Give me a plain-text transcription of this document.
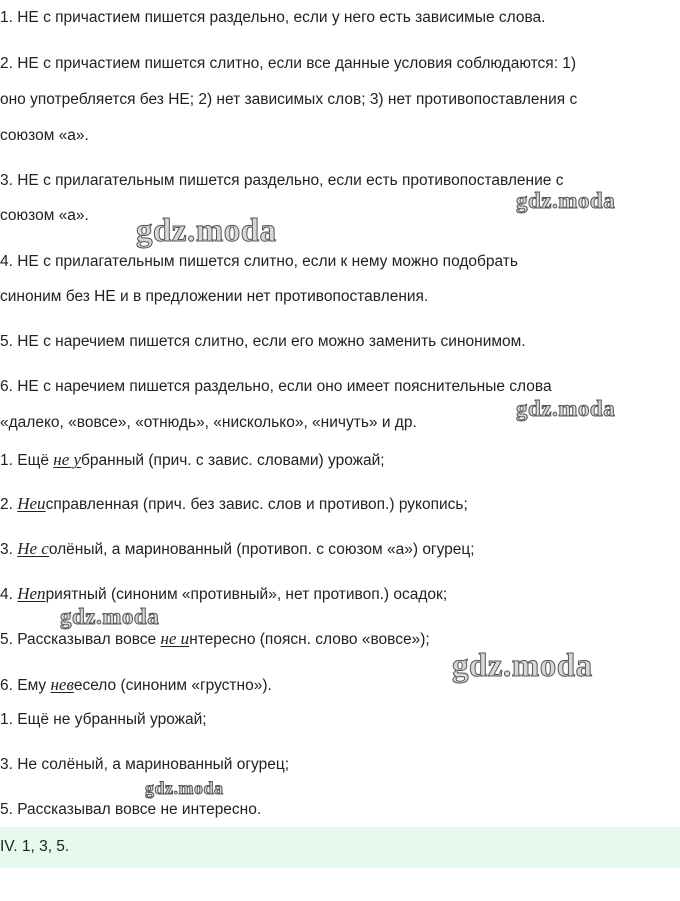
1. НЕ с причастием пишется раздельно, если у него есть зависимые слова.

2. НЕ с причастием пишется слитно, если все данные условия соблюдаются: 1)

оно употребляется без НЕ; 2) нет зависимых слов; 3) нет противопоставления с

союзом «а».

3. НЕ с прилагательным пишется раздельно, если есть противопоставление с

союзом «а».

4. НЕ с прилагательным пишется слитно, если к нему можно подобрать

синоним без НЕ и в предложении нет противопоставления.

5. НЕ с наречием пишется слитно, если его можно заменить синонимом.

6. НЕ с наречием пишется раздельно, если оно имеет пояснительные слова

«далеко, «вовсе», «отнюдь», «нисколько», «ничуть» и др.

1. Ещё не убранный (прич. с завис. словами) урожай;

2. Неисправленная (прич. без завис. слов и противоп.) рукопись;

3. Не солёный, а маринованный (противоп. с союзом «а») огурец;

4. Неприятный (синоним «противный», нет противоп.) осадок;

5. Рассказывал вовсе не интересно (поясн. слово «вовсе»);

6. Ему невесело (синоним «грустно»).

1. Ещё не убранный урожай;

3. Не солёный, а маринованный огурец;

5. Рассказывал вовсе не интересно.

IV. 1, 3, 5.
gdz.moda
gdz.moda
gdz.moda
gdz.moda
gdz.moda
gdz.moda
